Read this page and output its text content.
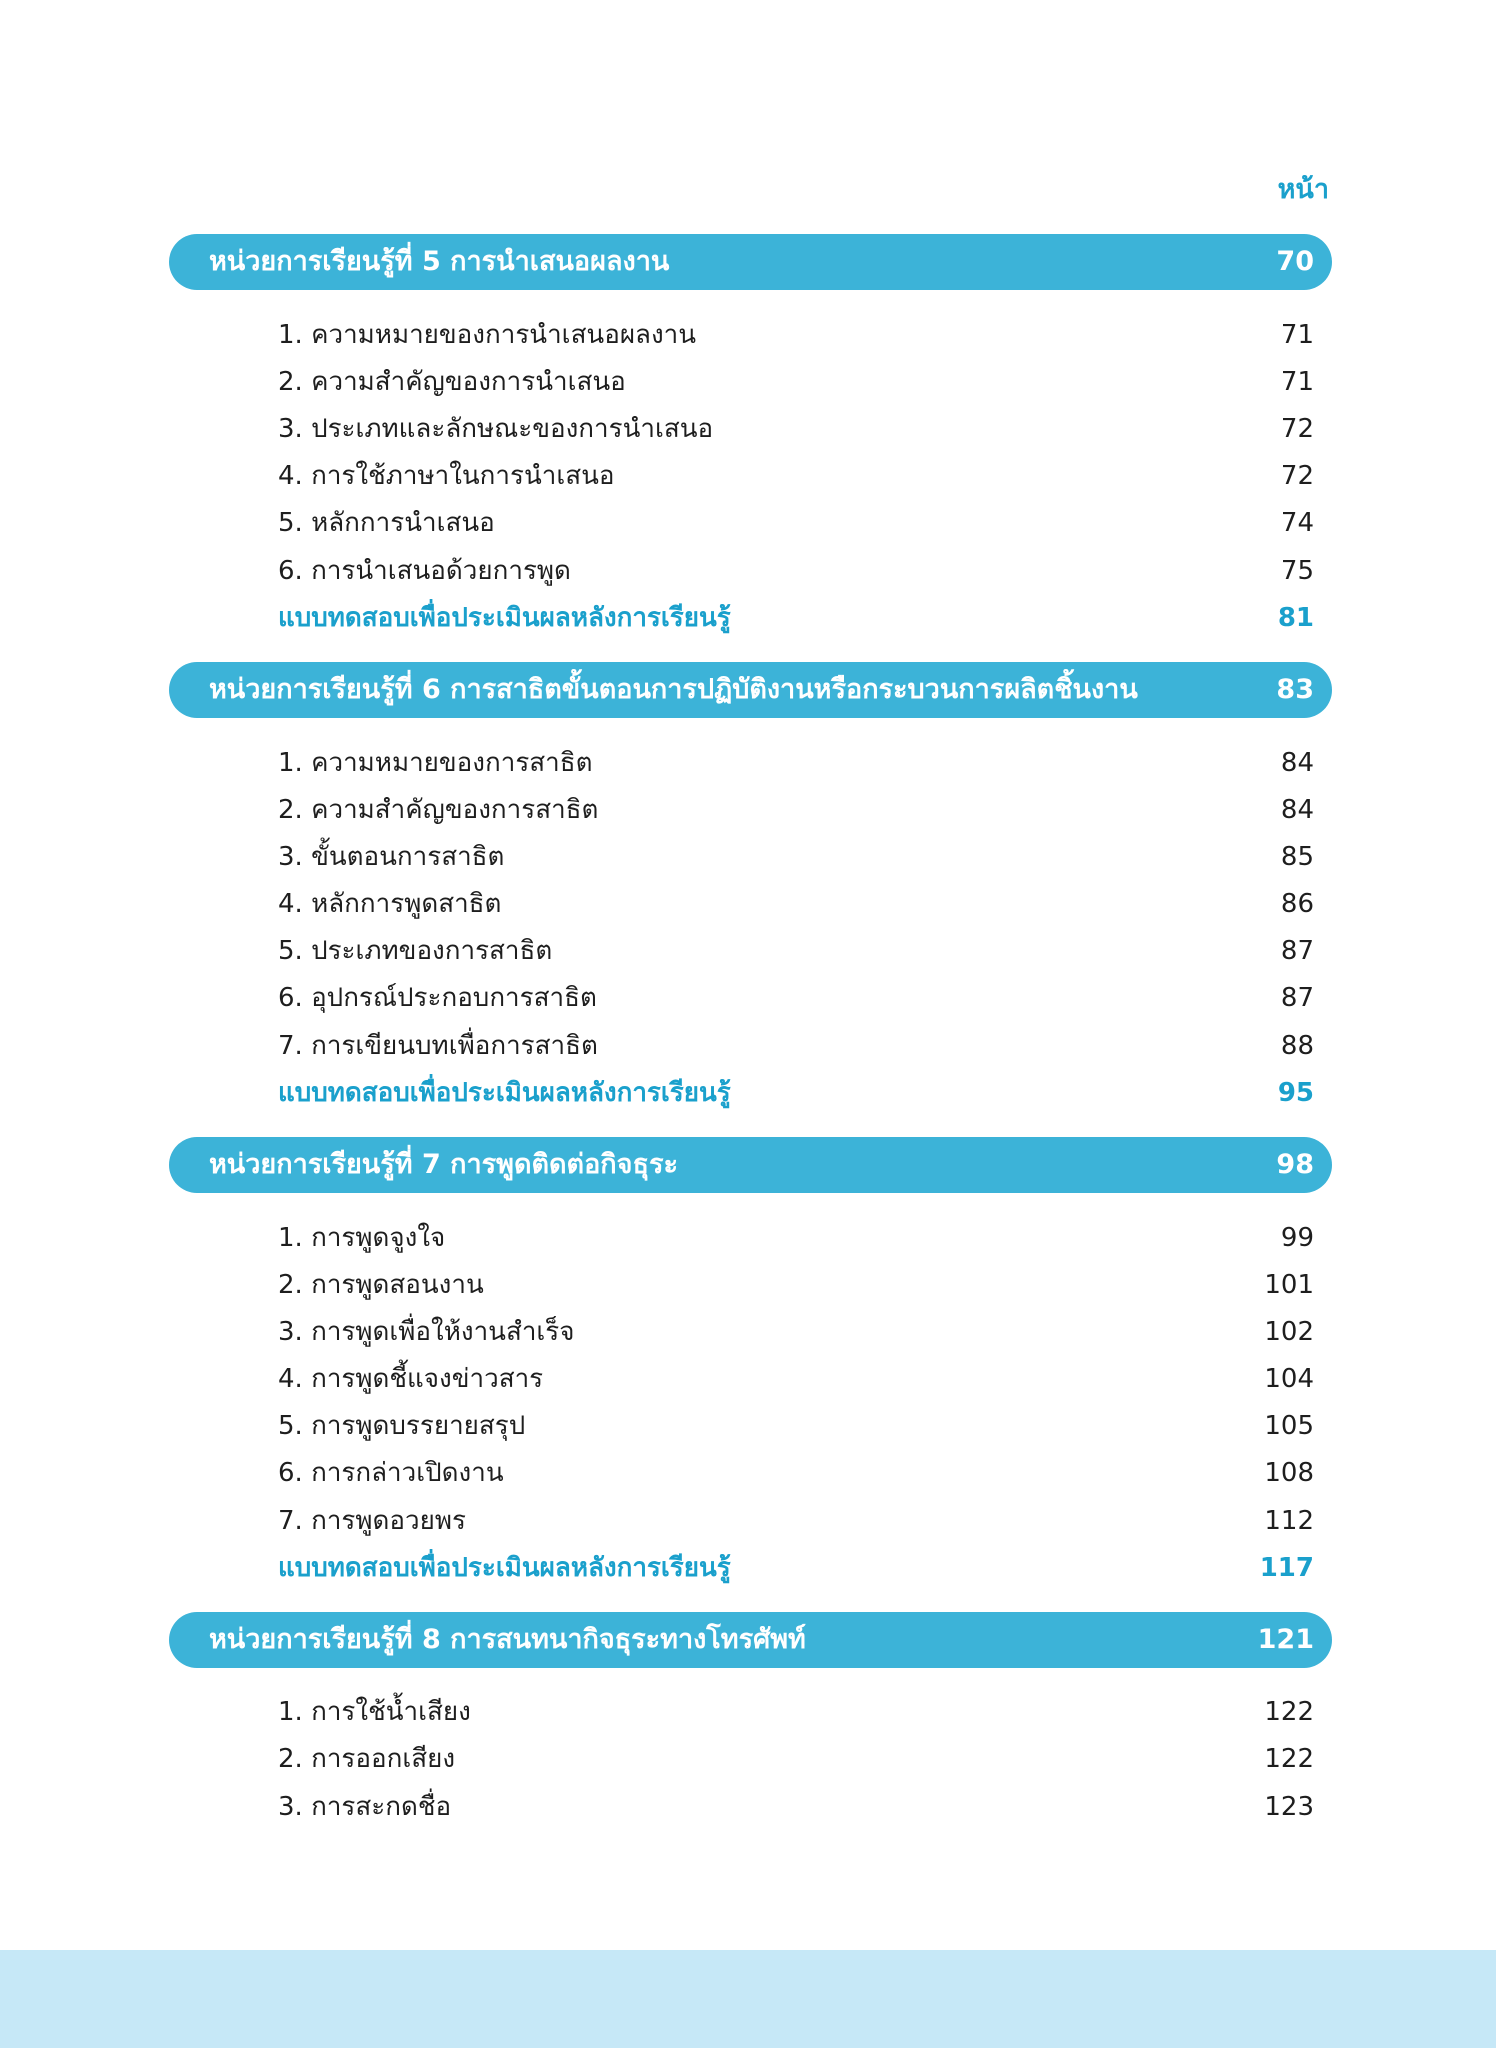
หน้า
หน่วยการเรียนรู้ที่ 5 การนำเสนอผลงาน	70
1. ความหมายของการนำเสนอผลงาน	71
2. ความสำคัญของการนำเสนอ	71
3. ประเภทและลักษณะของการนำเสนอ	72
4. การใช้ภาษาในการนำเสนอ	72
5. หลักการนำเสนอ	74
6. การนำเสนอด้วยการพูด	75
แบบทดสอบเพื่อประเมินผลหลังการเรียนรู้	81
หน่วยการเรียนรู้ที่ 6 การสาธิตขั้นตอนการปฏิบัติงานหรือกระบวนการผลิตชิ้นงาน	83
1. ความหมายของการสาธิต	84
2. ความสำคัญของการสาธิต	84
3. ขั้นตอนการสาธิต	85
4. หลักการพูดสาธิต	86
5. ประเภทของการสาธิต	87
6. อุปกรณ์ประกอบการสาธิต	87
7. การเขียนบทเพื่อการสาธิต	88
แบบทดสอบเพื่อประเมินผลหลังการเรียนรู้	95
หน่วยการเรียนรู้ที่ 7 การพูดติดต่อกิจธุระ	98
1. การพูดจูงใจ	99
2. การพูดสอนงาน	101
3. การพูดเพื่อให้งานสำเร็จ	102
4. การพูดชี้แจงข่าวสาร	104
5. การพูดบรรยายสรุป	105
6. การกล่าวเปิดงาน	108
7. การพูดอวยพร	112
แบบทดสอบเพื่อประเมินผลหลังการเรียนรู้	117
หน่วยการเรียนรู้ที่ 8 การสนทนากิจธุระทางโทรศัพท์	121
1. การใช้น้ำเสียง	122
2. การออกเสียง	122
3. การสะกดชื่อ	123
